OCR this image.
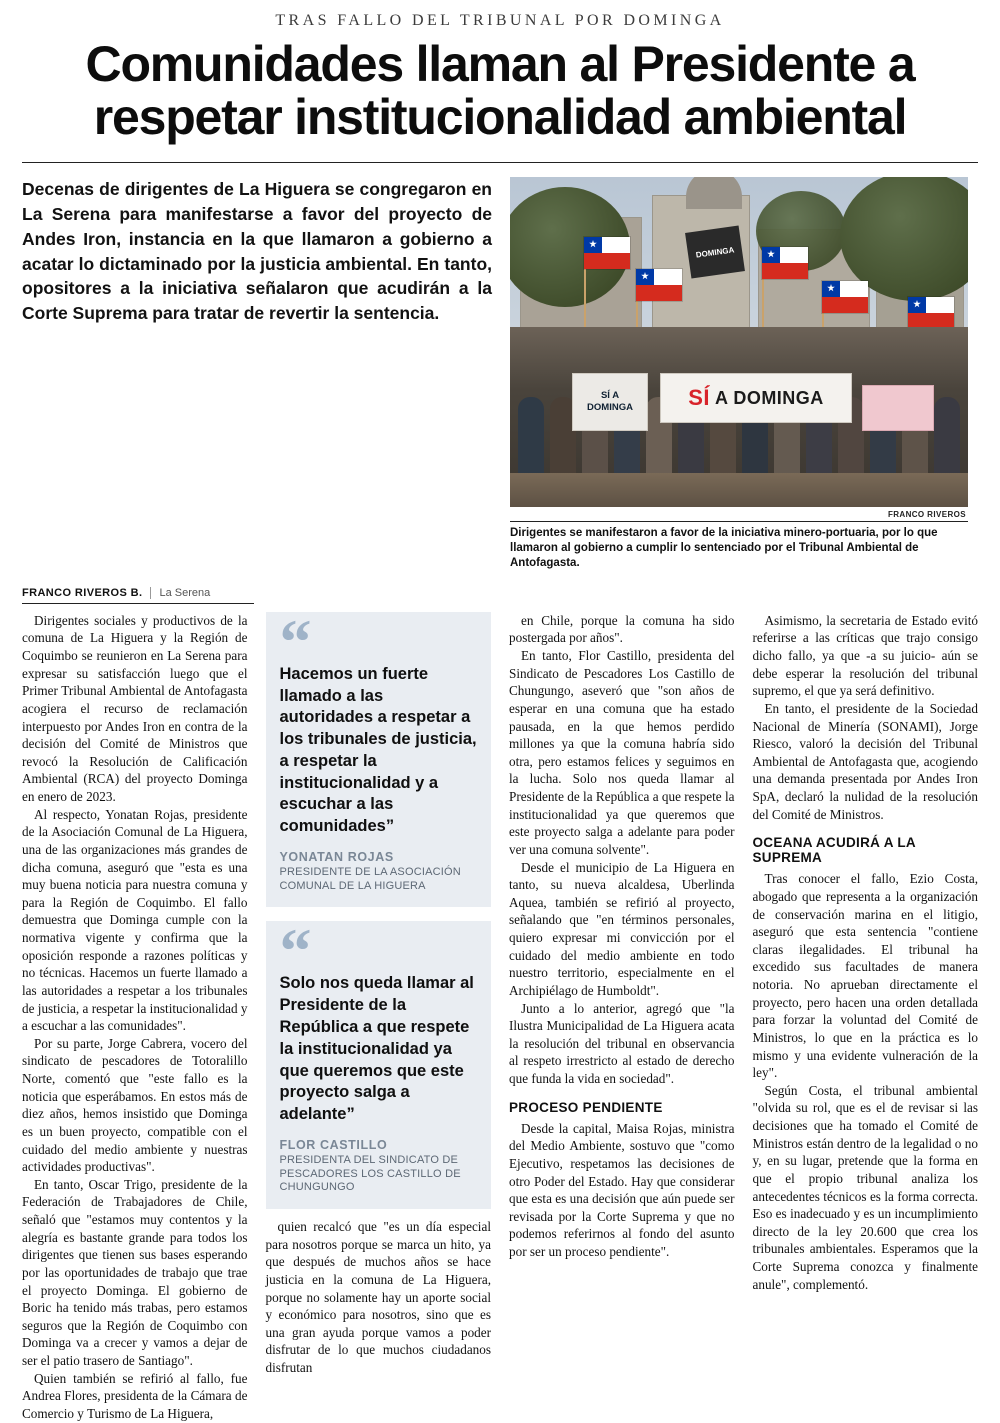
TRAS FALLO DEL TRIBUNAL POR DOMINGA
Comunidades llaman al Presidente a
respetar institucionalidad ambiental
Decenas de dirigentes de La Higuera se congregaron en La Serena para manifestarse a favor del proyecto de Andes Iron, instancia en la que llamaron a gobierno a acatar lo dictaminado por la justicia ambiental. En tanto, opositores a la iniciativa señalaron que acudirán a la Corte Suprema para tratar de revertir la sentencia.
DOMINGA
SÍ A
DOMINGA	SÍ A DOMINGA
FRANCO RIVEROS
Dirigentes se manifestaron a favor de la iniciativa minero-portuaria, por lo que llamaron al gobierno a cumplir lo sentenciado por el Tribunal Ambiental de Antofagasta.
FRANCO RIVEROS B.	La Serena

Dirigentes sociales y productivos de la comuna de La Higuera y la Región de Coquimbo se reunieron en La Serena para expresar su satisfacción luego que el Primer Tribunal Ambiental de Antofagasta acogiera el recurso de reclamación interpuesto por Andes Iron en contra de la decisión del Comité de Ministros que revocó la Resolución de Calificación Ambiental (RCA) del proyecto Dominga en enero de 2023.

Al respecto, Yonatan Rojas, presidente de la Asociación Comunal de La Higuera, una de las organizaciones más grandes de dicha comuna, aseguró que "esta es una muy buena noticia para nuestra comuna y para la Región de Coquimbo. El fallo demuestra que Dominga cumple con la normativa vigente y confirma que la oposición responde a razones políticas y no técnicas. Hacemos un fuerte llamado a las autoridades a respetar a los tribunales de justicia, a respetar la institucionalidad y a escuchar a las comunidades".

Por su parte, Jorge Cabrera, vocero del sindicato de pescadores de Totoralillo Norte, comentó que "este fallo es la noticia que esperábamos. En estos más de diez años, hemos insistido que Dominga es un buen proyecto, compatible con el cuidado del medio ambiente y nuestras actividades productivas".

En tanto, Oscar Trigo, presidente de la Federación de Trabajadores de Chile, señaló que "estamos muy contentos y la alegría es bastante grande para todos los dirigentes que tienen sus bases esperando por las oportunidades de trabajo que trae el proyecto Dominga. El gobierno de Boric ha tenido más trabas, pero estamos seguros que la Región de Coquimbo con Dominga va a crecer y vamos a dejar de ser el patio trasero de Santiago".

Quien también se refirió al fallo, fue Andrea Flores, presidenta de la Cámara de Comercio y Turismo de La Higuera,

“
Hacemos un fuerte llamado a las autoridades a respetar a los tribunales de justicia, a respetar la institucionalidad y a escuchar a las comunidades”
YONATAN ROJAS
PRESIDENTE DE LA ASOCIACIÓN COMUNAL DE LA HIGUERA
“
Solo nos queda llamar al Presidente de la República a que respete la institucionalidad ya que queremos que este proyecto salga a adelante”
FLOR CASTILLO
PRESIDENTA DEL SINDICATO DE PESCADORES LOS CASTILLO DE CHUNGUNGO

quien recalcó que "es un día especial para nosotros porque se marca un hito, ya que después de muchos años se hace justicia en la comuna de La Higuera, porque no solamente hay un aporte social y económico para nosotros, sino que es una gran ayuda porque vamos a poder disfrutar de lo que muchos ciudadanos disfrutan

en Chile, porque la comuna ha sido postergada por años".

En tanto, Flor Castillo, presidenta del Sindicato de Pescadores Los Castillo de Chungungo, aseveró que "son años de esperar en una comuna que ha estado pausada, en la que hemos perdido millones ya que la comuna habría sido otra, pero estamos felices y seguimos en la lucha. Solo nos queda llamar al Presidente de la República a que respete la institucionalidad ya que queremos que este proyecto salga a adelante para poder ver una comuna solvente".

Desde el municipio de La Higuera en tanto, su nueva alcaldesa, Uberlinda Aquea, también se refirió al proyecto, señalando que "en términos personales, quiero expresar mi convicción por el cuidado del medio ambiente en todo nuestro territorio, especialmente en el Archipiélago de Humboldt".

Junto a lo anterior, agregó que "la Ilustra Municipalidad de La Higuera acata la resolución del tribunal en observancia al respeto irrestricto al estado de derecho que funda la vida en sociedad".

PROCESO PENDIENTE

Desde la capital, Maisa Rojas, ministra del Medio Ambiente, sostuvo que "como Ejecutivo, respetamos las decisiones de otro Poder del Estado. Hay que considerar que esta es una decisión que aún puede ser revisada por la Corte Suprema y que no podemos referirnos al fondo del asunto por ser un proceso pendiente".

Asimismo, la secretaria de Estado evitó referirse a las críticas que trajo consigo dicho fallo, ya que -a su juicio- aún se debe esperar la resolución del tribunal supremo, el que ya será definitivo.

En tanto, el presidente de la Sociedad Nacional de Minería (SONAMI), Jorge Riesco, valoró la decisión del Tribunal Ambiental de Antofagasta que, acogiendo una demanda presentada por Andes Iron SpA, declaró la nulidad de la resolución del Comité de Ministros.

OCEANA ACUDIRÁ A LA SUPREMA

Tras conocer el fallo, Ezio Costa, abogado que representa a la organización de conservación marina en el litigio, aseguró que esta sentencia "contiene claras ilegalidades. El tribunal ha excedido sus facultades de manera notoria. No aprueban directamente el proyecto, pero hacen una orden detallada para forzar la voluntad del Comité de Ministros, lo que en la práctica es lo mismo y una evidente vulneración de la ley".

Según Costa, el tribunal ambiental "olvida su rol, que es el de revisar si las decisiones que ha tomado el Comité de Ministros están dentro de la legalidad o no y, en su lugar, pretende que la forma en que el propio tribunal analiza los antecedentes técnicos es la forma correcta. Eso es inadecuado y es un incumplimiento directo de la ley 20.600 que crea los tribunales ambientales. Esperamos que la Corte Suprema conozca y finalmente anule", complementó.
